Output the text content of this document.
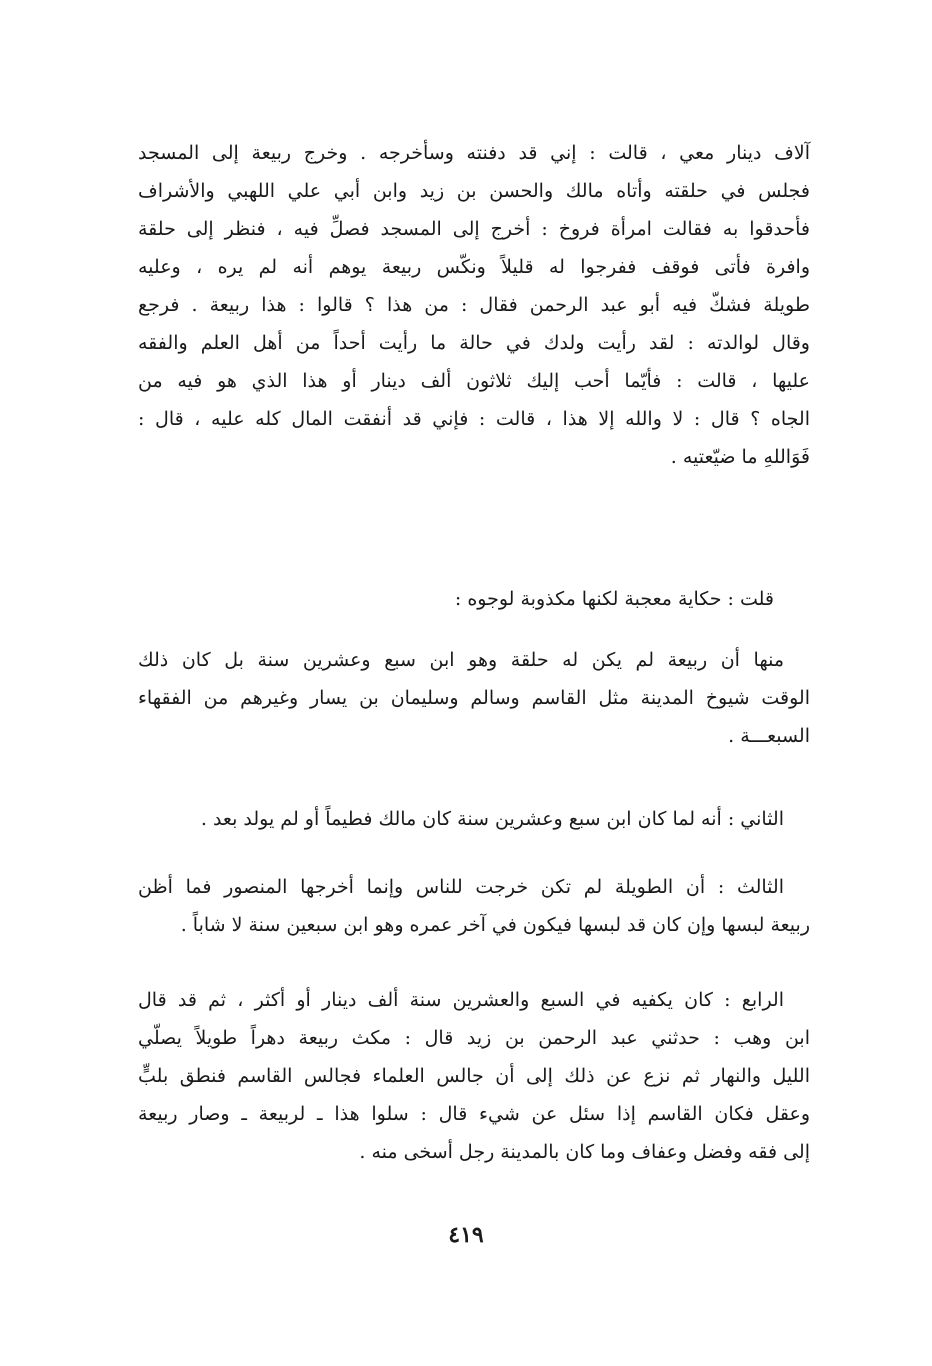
آلاف دينار معي ، قالت : إني قد دفنته وسأخرجه . وخرج ربيعة إلى المسجد
فجلس في حلقته وأتاه مالك والحسن بن زيد وابن أبي علي اللهبي والأشراف
فأحدقوا به فقالت امرأة فروخ : أخرج إلى المسجد فصلِّ فيه ، فنظر إلى حلقة
وافرة فأتى فوقف ففرجوا له قليلاً ونكّس ربيعة يوهم أنه لم يره ، وعليه
طويلة فشكّ فيه أبو عبد الرحمن فقال : من هذا ؟ قالوا : هذا ربيعة . فرجع
وقال لوالدته : لقد رأيت ولدك في حالة ما رأيت أحداً من أهل العلم والفقه
عليها ، قالت : فأيّما أحب إليك ثلاثون ألف دينار أو هذا الذي هو فيه من
الجاه ؟ قال : لا والله إلا هذا ، قالت : فإني قد أنفقت المال كله عليه ، قال :
فَوَاللهِ ما ضيّعتيه .
قلت : حكاية معجبة لكنها مكذوبة لوجوه :
منها أن ربيعة لم يكن له حلقة وهو ابن سبع وعشرين سنة بل كان ذلك
الوقت شيوخ المدينة مثل القاسم وسالم وسليمان بن يسار وغيرهم من الفقهاء
السبعـــة .
الثاني : أنه لما كان ابن سبع وعشرين سنة كان مالك فطيماً أو لم يولد بعد .
الثالث : أن الطويلة لم تكن خرجت للناس وإنما أخرجها المنصور فما أظن
ربيعة لبسها وإن كان قد لبسها فيكون في آخر عمره وهو ابن سبعين سنة لا شاباً .
الرابع : كان يكفيه في السبع والعشرين سنة ألف دينار أو أكثر ، ثم قد قال
ابن وهب : حدثني عبد الرحمن بن زيد قال : مكث ربيعة دهراً طويلاً يصلّي
الليل والنهار ثم نزع عن ذلك إلى أن جالس العلماء فجالس القاسم فنطق بلبٍّ
وعقل فكان القاسم إذا سئل عن شيء قال : سلوا هذا ـ لربيعة ـ وصار ربيعة
إلى فقه وفضل وعفاف وما كان بالمدينة رجل أسخى منه .
٤١٩
